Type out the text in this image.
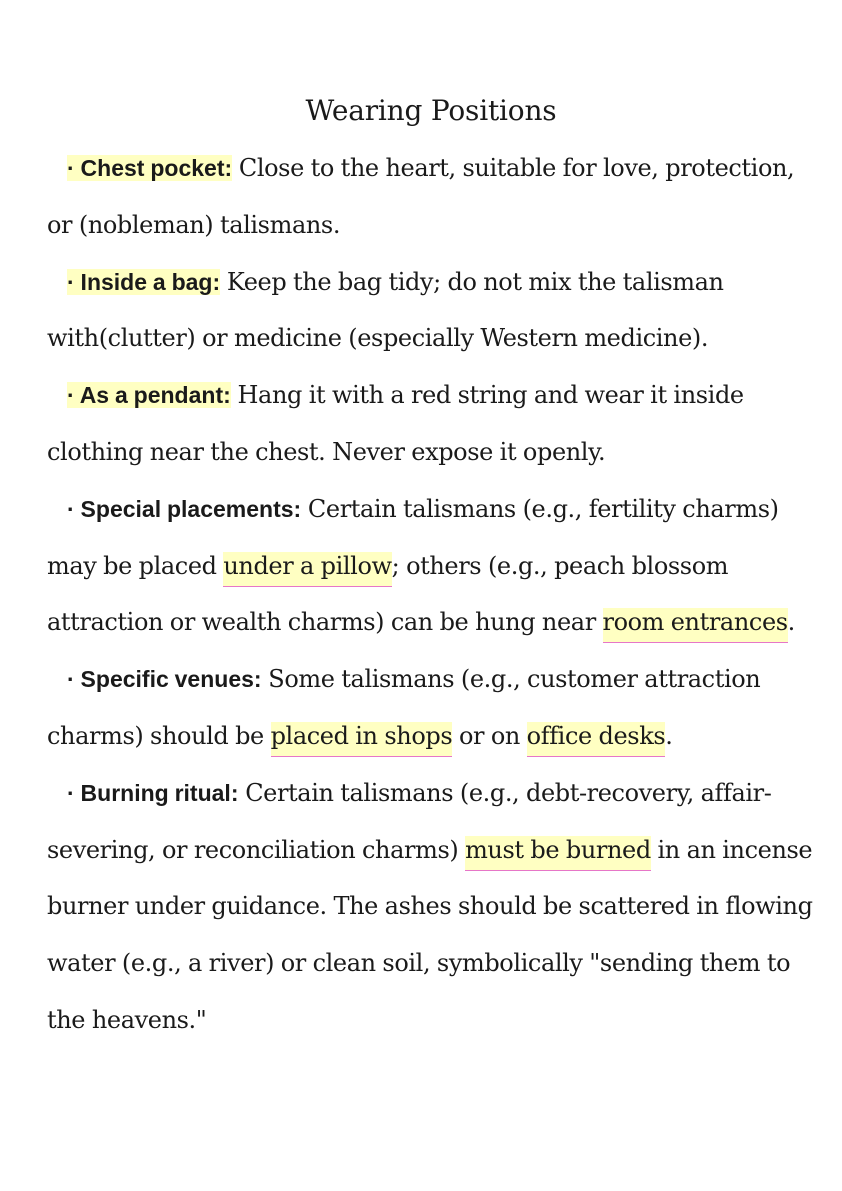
Wearing Positions

· Chest pocket: Close to the heart, suitable for love, protection, or (nobleman) talismans.

· Inside a bag: Keep the bag tidy; do not mix the talisman with(clutter) or medicine (especially Western medicine).

· As a pendant: Hang it with a red string and wear it inside clothing near the chest. Never expose it openly.

· Special placements: Certain talismans (e.g., fertility charms) may be placed under a pillow; others (e.g., peach blossom attraction or wealth charms) can be hung near room entrances.

· Specific venues: Some talismans (e.g., customer attraction charms) should be placed in shops or on office desks.

· Burning ritual: Certain talismans (e.g., debt-recovery, affair-severing, or reconciliation charms) must be burned in an incense burner under guidance. The ashes should be scattered in flowing water (e.g., a river) or clean soil, symbolically "sending them to the heavens."
